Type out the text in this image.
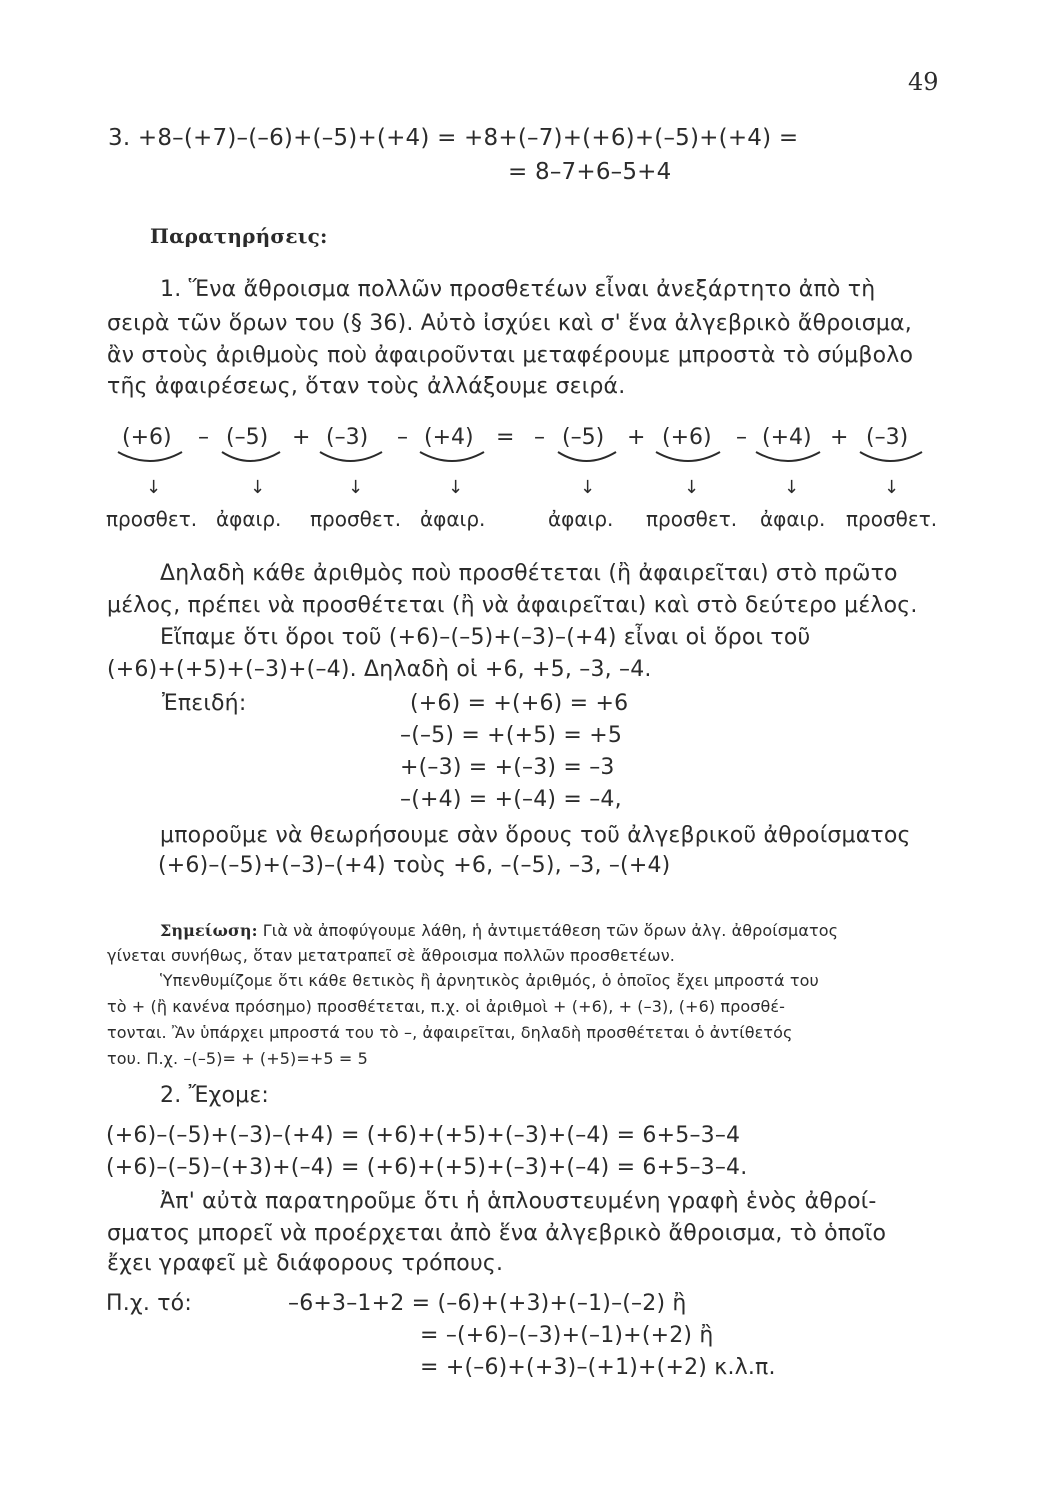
49
3. +8–(+7)–(–6)+(–5)+(+4) = +8+(–7)+(+6)+(–5)+(+4) =
= 8–7+6–5+4
Παρατηρήσεις:
1. Ἕνα ἄθροισμα πολλῶν προσθετέων εἶναι ἀνεξάρτητο ἀπὸ τὴ
σειρὰ τῶν ὅρων του (§ 36). Αὐτὸ ἰσχύει καὶ σ' ἕνα ἀλγεβρικὸ ἄθροισμα,
ἂν στοὺς ἀριθμοὺς ποὺ ἀφαιροῦνται μεταφέρουμε μπροστὰ τὸ σύμβολο
τῆς ἀφαιρέσεως, ὅταν τοὺς ἀλλάξουμε σειρά.
(+6) – (–5) + (–3) – (+4) = – (–5) + (+6) – (+4) + (–3)
↓	↓	↓	↓	↓	↓	↓	↓
προσθετ. ἀφαιρ. προσθετ. ἀφαιρ.	ἀφαιρ. προσθετ. ἀφαιρ. προσθετ.
Δηλαδὴ κάθε ἀριθμὸς ποὺ προσθέτεται (ἢ ἀφαιρεῖται) στὸ πρῶτο
μέλος, πρέπει νὰ προσθέτεται (ἢ νὰ ἀφαιρεῖται) καὶ στὸ δεύτερο μέλος.
Εἴπαμε ὅτι ὅροι τοῦ (+6)–(–5)+(–3)–(+4) εἶναι οἱ ὅροι τοῦ
(+6)+(+5)+(–3)+(–4). Δηλαδὴ οἱ +6, +5, –3, –4.
Ἐπειδή:	(+6) = +(+6) = +6
–(–5) = +(+5) = +5
+(–3) = +(–3) = –3
–(+4) = +(–4) = –4,
μποροῦμε νὰ θεωρήσουμε σὰν ὅρους τοῦ ἀλγεβρικοῦ ἀθροίσματος
(+6)–(–5)+(–3)–(+4) τοὺς +6, –(–5), –3, –(+4)
Σημείωση: Γιὰ νὰ ἀποφύγουμε λάθη, ἡ ἀντιμετάθεση τῶν ὅρων ἀλγ. ἀθροίσματος
γίνεται συνήθως, ὅταν μετατραπεῖ σὲ ἄθροισμα πολλῶν προσθετέων.
Ὑπενθυμίζομε ὅτι κάθε θετικὸς ἢ ἀρνητικὸς ἀριθμός, ὁ ὁποῖος ἔχει μπροστά του
τὸ + (ἢ κανένα πρόσημο) προσθέτεται, π.χ. οἱ ἀριθμοὶ + (+6), + (–3), (+6) προσθέ-
τονται. Ἂν ὑπάρχει μπροστά του τὸ –, ἀφαιρεῖται, δηλαδὴ προσθέτεται ὁ ἀντίθετός
του. Π.χ. –(–5)= + (+5)=+5 = 5
2. Ἔχομε:
(+6)–(–5)+(–3)–(+4) = (+6)+(+5)+(–3)+(–4) = 6+5–3–4
(+6)–(–5)–(+3)+(–4) = (+6)+(+5)+(–3)+(–4) = 6+5–3–4.
Ἀπ' αὐτὰ παρατηροῦμε ὅτι ἡ ἁπλουστευμένη γραφὴ ἑνὸς ἀθροί-
σματος μπορεῖ νὰ προέρχεται ἀπὸ ἕνα ἀλγεβρικὸ ἄθροισμα, τὸ ὁποῖο
ἔχει γραφεῖ μὲ διάφορους τρόπους.
Π.χ. τό:	–6+3–1+2 = (–6)+(+3)+(–1)–(–2) ἢ
= –(+6)–(–3)+(–1)+(+2) ἢ
= +(–6)+(+3)–(+1)+(+2) κ.λ.π.
